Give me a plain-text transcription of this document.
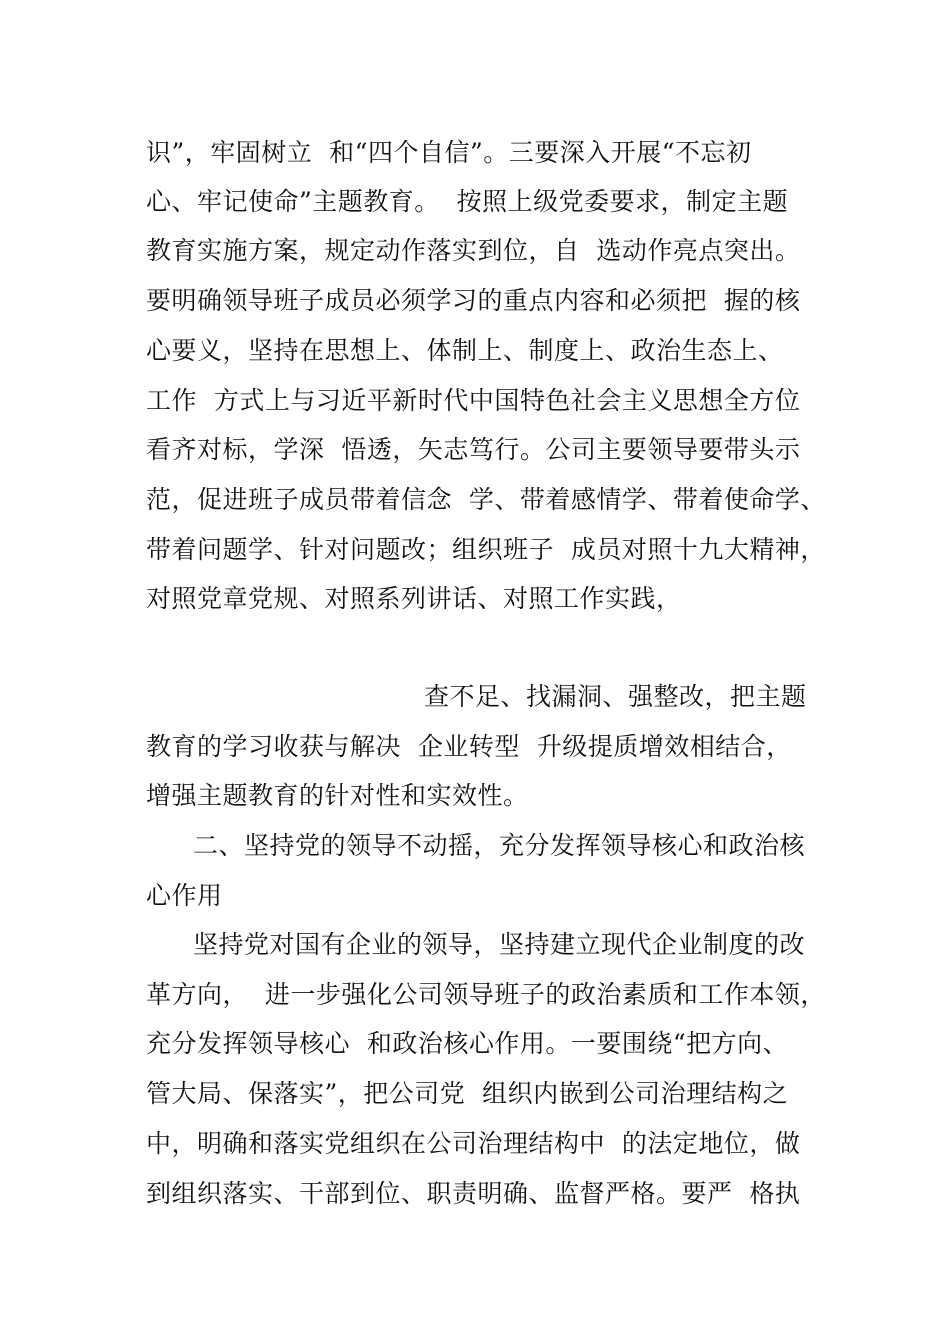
识”，牢固树立  和“四个自信”。三要深入开展“不忘初
心、牢记使命”主题教育。  按照上级党委要求，制定主题
教育实施方案，规定动作落实到位，自  选动作亮点突出。
要明确领导班子成员必须学习的重点内容和必须把  握的核
心要义，坚持在思想上、体制上、制度上、政治生态上、
工作  方式上与习近平新时代中国特色社会主义思想全方位
看齐对标，学深  悟透，矢志笃行。公司主要领导要带头示
范，促进班子成员带着信念  学、带着感情学、带着使命学、
带着问题学、针对问题改；组织班子  成员对照十九大精神，
对照党章党规、对照系列讲话、对照工作实践，
查不足、找漏洞、强整改，把主题
教育的学习收获与解决  企业转型  升级提质增效相结合，
增强主题教育的针对性和实效性。
二、坚持党的领导不动摇，充分发挥领导核心和政治核
心作用
坚持党对国有企业的领导，坚持建立现代企业制度的改
革方向，  进一步强化公司领导班子的政治素质和工作本领，
充分发挥领导核心  和政治核心作用。一要围绕“把方向、
管大局、保落实”，把公司党  组织内嵌到公司治理结构之
中，明确和落实党组织在公司治理结构中  的法定地位，做
到组织落实、干部到位、职责明确、监督严格。要严  格执
